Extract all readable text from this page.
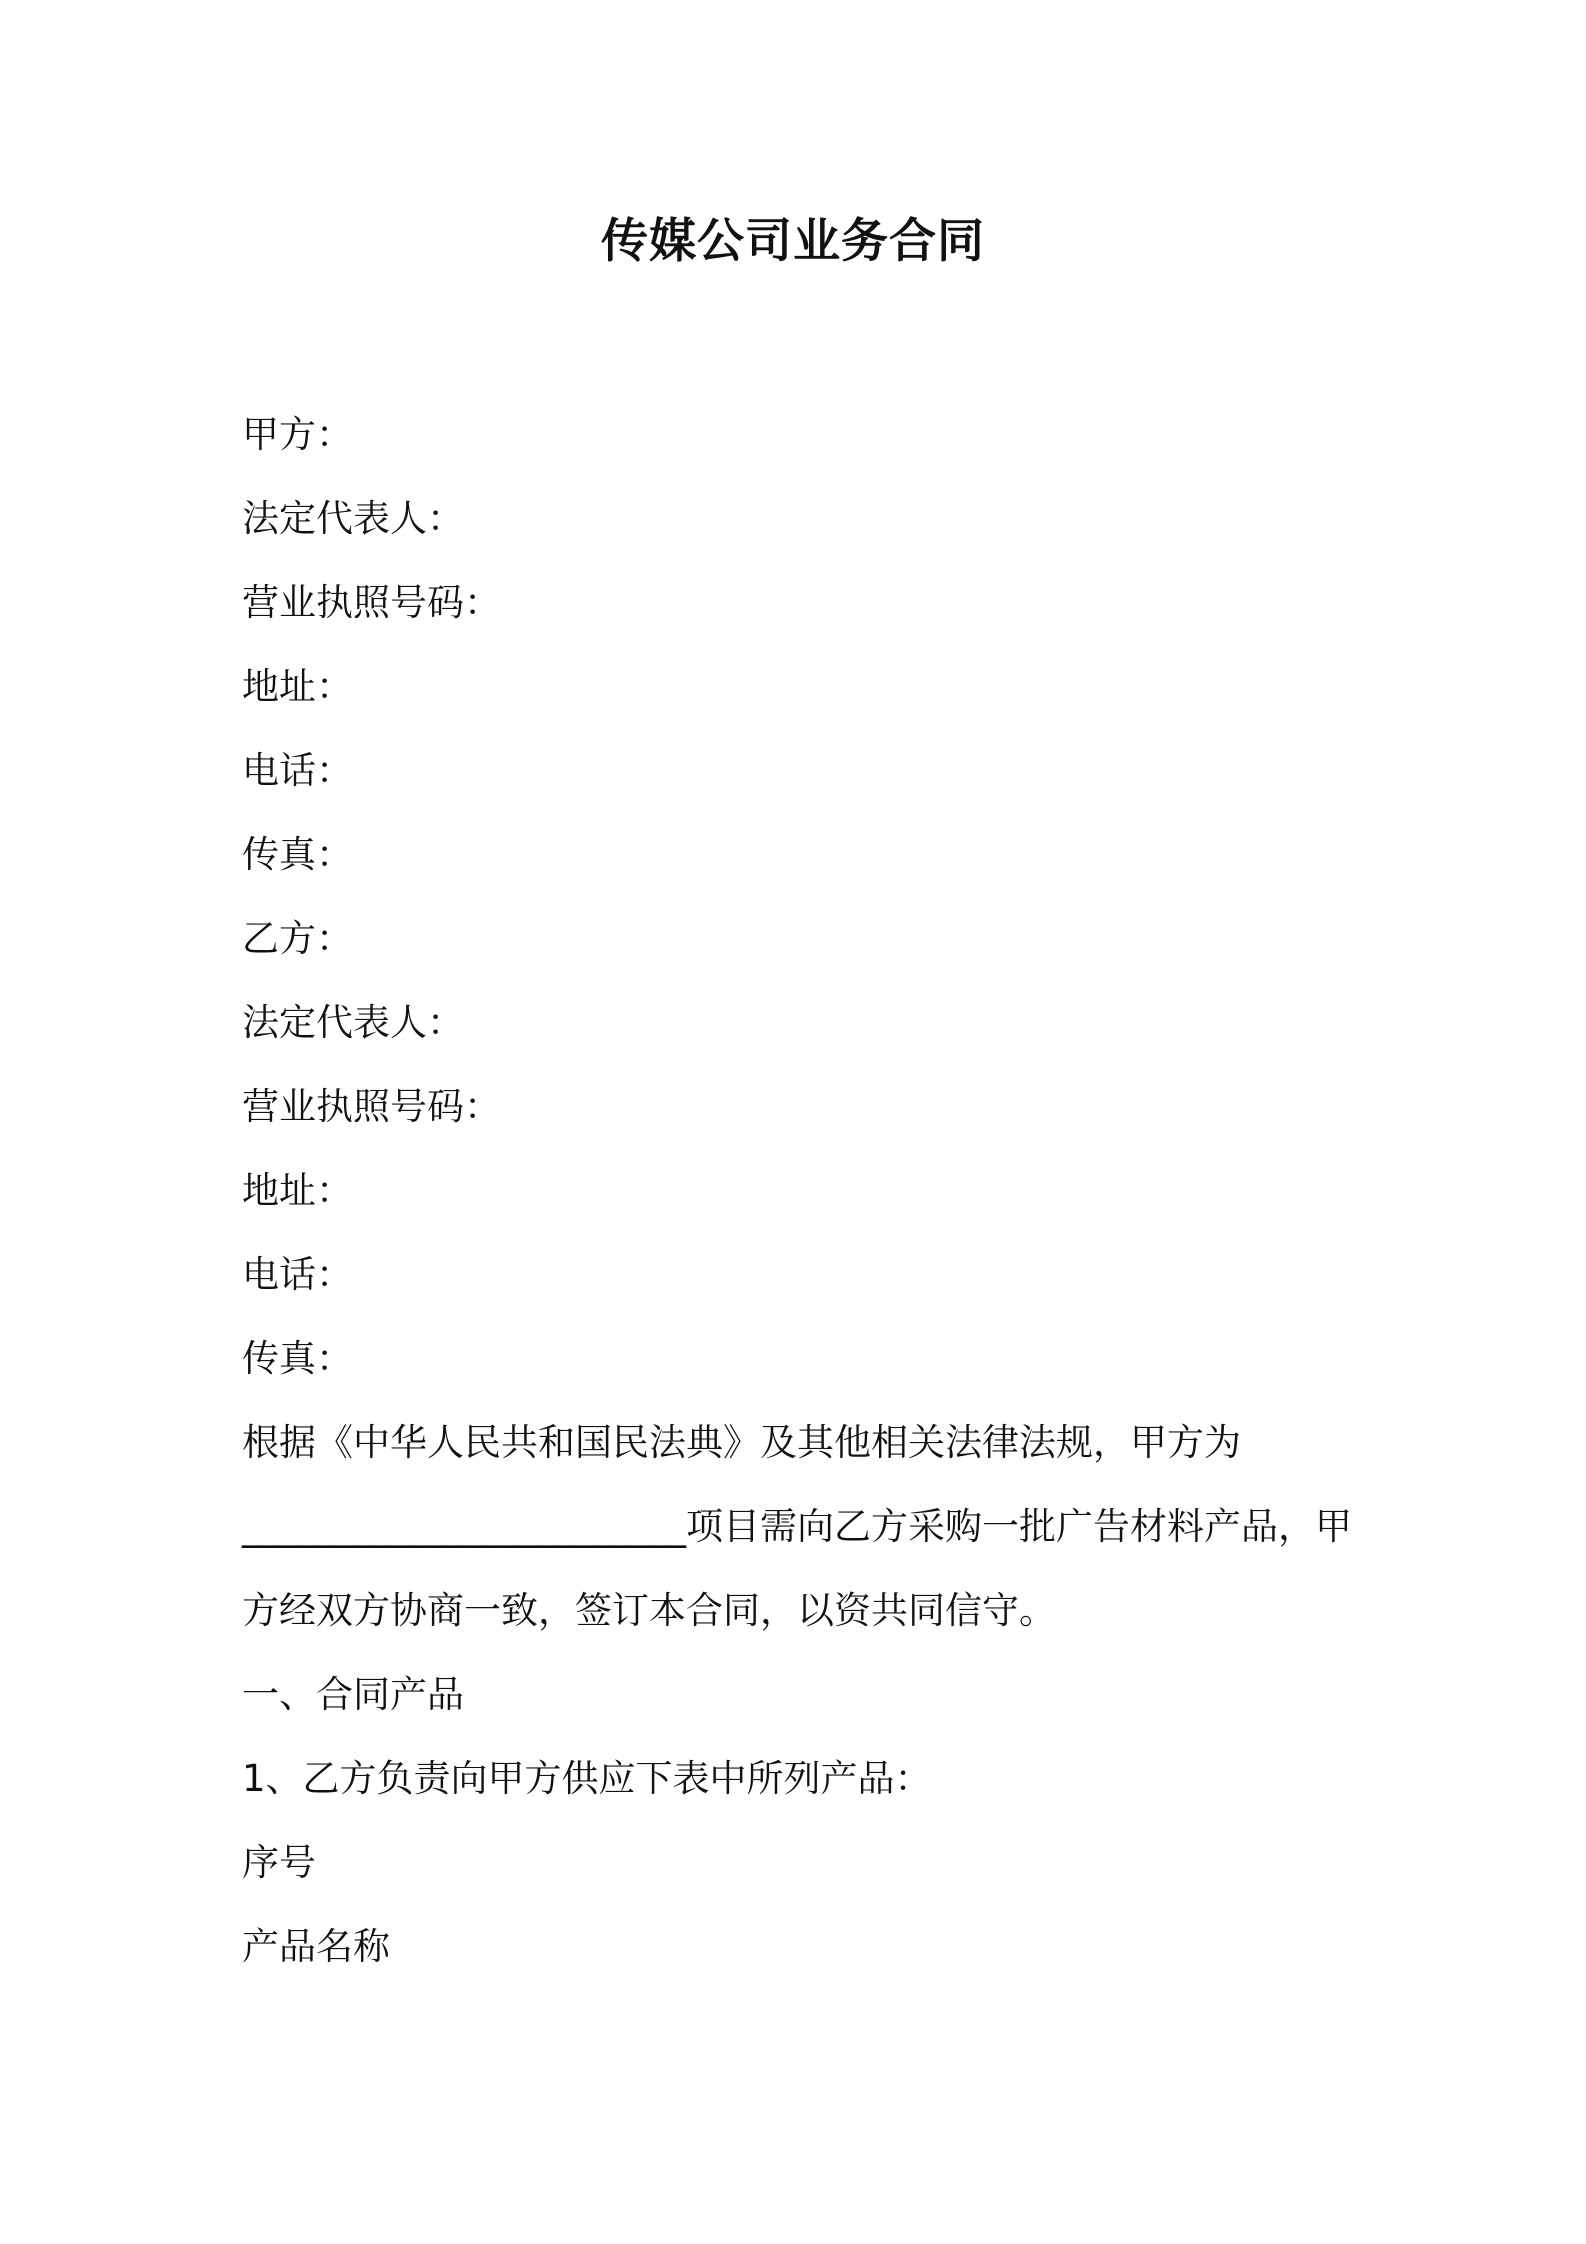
传媒公司业务合同
甲方：
法定代表人：
营业执照号码：
地址：
电话：
传真：
乙方：
法定代表人：
营业执照号码：
地址：
电话：
传真：
根据《中华人民共和国民法典》及其他相关法律法规，甲方为
________________________项目需向乙方采购一批广告材料产品，甲
方经双方协商一致，签订本合同，以资共同信守。
一、合同产品
1、乙方负责向甲方供应下表中所列产品：
序号
产品名称
